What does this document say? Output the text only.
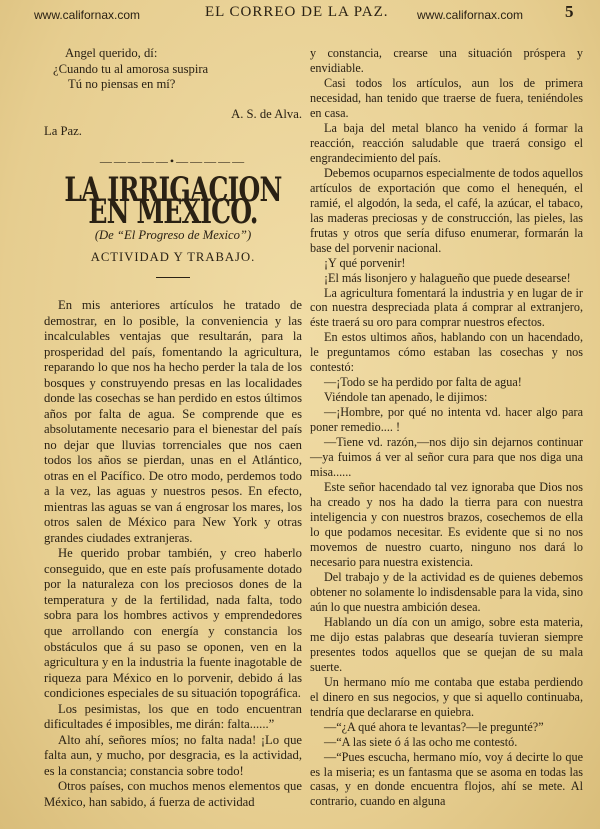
www.californax.com	EL CORREO DE LA PAZ. www.californax.com 5
Angel querido, dí:
¿Cuando tu al amorosa suspira
Tú no piensas en mí?
A. S. de Alva.
La Paz.
—————•—————
LA IRRIGACION EN MEXICO.
(De “El Progreso de Mexico”)
ACTIVIDAD Y TRABAJO.

En mis anteriores artículos he tratado de demostrar, en lo posible, la conveniencia y las incalculables ventajas que resultarán, para la prosperidad del país, fomentando la agricultura, reparando lo que nos ha hecho perder la tala de los bosques y construyendo presas en las localidades donde las cosechas se han perdido en estos últimos años por falta de agua. Se comprende que es absolutamente necesario para el bienestar del país no dejar que lluvias torrenciales que nos caen todos los años se pierdan, unas en el Atlántico, otras en el Pacífico. De otro modo, perdemos todo a la vez, las aguas y nuestros pesos. En efecto, mientras las aguas se van á engrosar los mares, los otros salen de México para New York y otras grandes ciudades extranjeras.

He querido probar también, y creo haberlo conseguido, que en este país profusamente dotado por la naturaleza con los preciosos dones de la temperatura y de la fertilidad, nada falta, todo sobra para los hombres activos y emprendedores que arrollando con energía y constancia los obstáculos que á su paso se oponen, ven en la agricultura y en la industria la fuente inagotable de riqueza para México en lo porvenir, debido á las condiciones especiales de su situación topográfica.

Los pesimistas, los que en todo encuentran dificultades é imposibles, me dirán: falta......”

Alto ahí, señores míos; no falta nada! ¡Lo que falta aun, y mucho, por desgracia, es la actividad, es la constancia; constancia sobre todo!

Otros países, con muchos menos elementos que México, han sabido, á fuerza de actividad

y constancia, crearse una situación próspera y envidiable.

Casi todos los artículos, aun los de primera necesidad, han tenido que traerse de fuera, teniéndoles en casa.

La baja del metal blanco ha venido á formar la reacción, reacción saludable que traerá consigo el engrandecimiento del país.

Debemos ocuparnos especialmente de todos aquellos artículos de exportación que como el henequén, el ramié, el algodón, la seda, el café, la azúcar, el tabaco, las maderas preciosas y de construcción, las pieles, las frutas y otros que sería difuso enumerar, formarán la base del porvenir nacional.

¡Y qué porvenir!

¡El más lisonjero y halagueño que puede desearse!

La agricultura fomentará la industria y en lugar de ir con nuestra despreciada plata á comprar al extranjero, éste traerá su oro para comprar nuestros efectos.

En estos ultimos años, hablando con un hacendado, le preguntamos cómo estaban las cosechas y nos contestó:

—¡Todo se ha perdido por falta de agua!

Viéndole tan apenado, le dijimos:

—¡Hombre, por qué no intenta vd. hacer algo para poner remedio.... !

—Tiene vd. razón,—nos dijo sin dejarnos continuar—ya fuimos á ver al señor cura para que nos diga una misa......

Este señor hacendado tal vez ignoraba que Dios nos ha creado y nos ha dado la tierra para con nuestra inteligencia y con nuestros brazos, cosechemos de ella lo que podamos necesitar. Es evidente que si no nos movemos de nuestro cuarto, ninguno nos dará lo necesario para nuestra existencia.

Del trabajo y de la actividad es de quienes debemos obtener no solamente lo indisdensable para la vida, sino aún lo que nuestra ambición desea.

Hablando un día con un amigo, sobre esta materia, me dijo estas palabras que desearía tuvieran siempre presentes todos aquellos que se quejan de su mala suerte.

Un hermano mío me contaba que estaba perdiendo el dinero en sus negocios, y que si aquello continuaba, tendría que declararse en quiebra.

—“¿A qué ahora te levantas?—le pregunté?”

—“A las siete ó á las ocho me contestó.

—“Pues escucha, hermano mío, voy á decirte lo que es la miseria; es un fantasma que se asoma en todas las casas, y en donde encuentra flojos, ahí se mete. Al contrario, cuando en alguna
